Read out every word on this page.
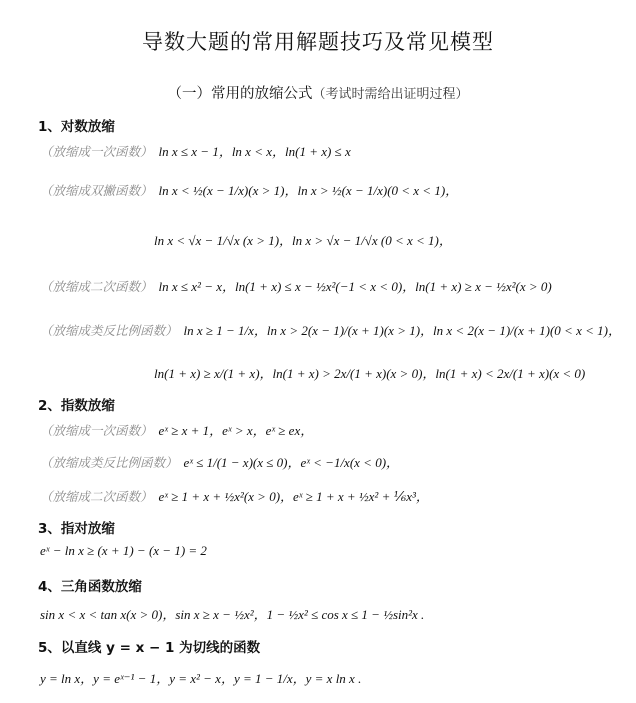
导数大题的常用解题技巧及常见模型
（一）常用的放缩公式（考试时需给出证明过程）
1、对数放缩
（放缩成一次函数） ln x ≤ x − 1，ln x < x，ln(1 + x) ≤ x
（放缩成双撇函数） ln x < ½(x − 1/x)(x > 1)，ln x > ½(x − 1/x)(0 < x < 1)，
ln x < √x − 1/√x (x > 1)，ln x > √x − 1/√x (0 < x < 1)，
（放缩成二次函数） ln x ≤ x² − x，ln(1 + x) ≤ x − ½x²(−1 < x < 0)，ln(1 + x) ≥ x − ½x²(x > 0)
（放缩成类反比例函数） ln x ≥ 1 − 1/x，ln x > 2(x − 1)/(x + 1)(x > 1)，ln x < 2(x − 1)/(x + 1)(0 < x < 1)，
ln(1 + x) ≥ x/(1 + x)，ln(1 + x) > 2x/(1 + x)(x > 0)，ln(1 + x) < 2x/(1 + x)(x < 0)
2、指数放缩
（放缩成一次函数） eˣ ≥ x + 1，eˣ > x，eˣ ≥ ex，
（放缩成类反比例函数） eˣ ≤ 1/(1 − x)(x ≤ 0)，eˣ < −1/x(x < 0)，
（放缩成二次函数） eˣ ≥ 1 + x + ½x²(x > 0)，eˣ ≥ 1 + x + ½x² + ⅙x³，
3、指对放缩
eˣ − ln x ≥ (x + 1) − (x − 1) = 2
4、三角函数放缩
sin x < x < tan x(x > 0)，sin x ≥ x − ½x²，1 − ½x² ≤ cos x ≤ 1 − ½sin²x .
5、以直线 y = x − 1 为切线的函数
y = ln x，y = eˣ⁻¹ − 1，y = x² − x，y = 1 − 1/x，y = x ln x .
